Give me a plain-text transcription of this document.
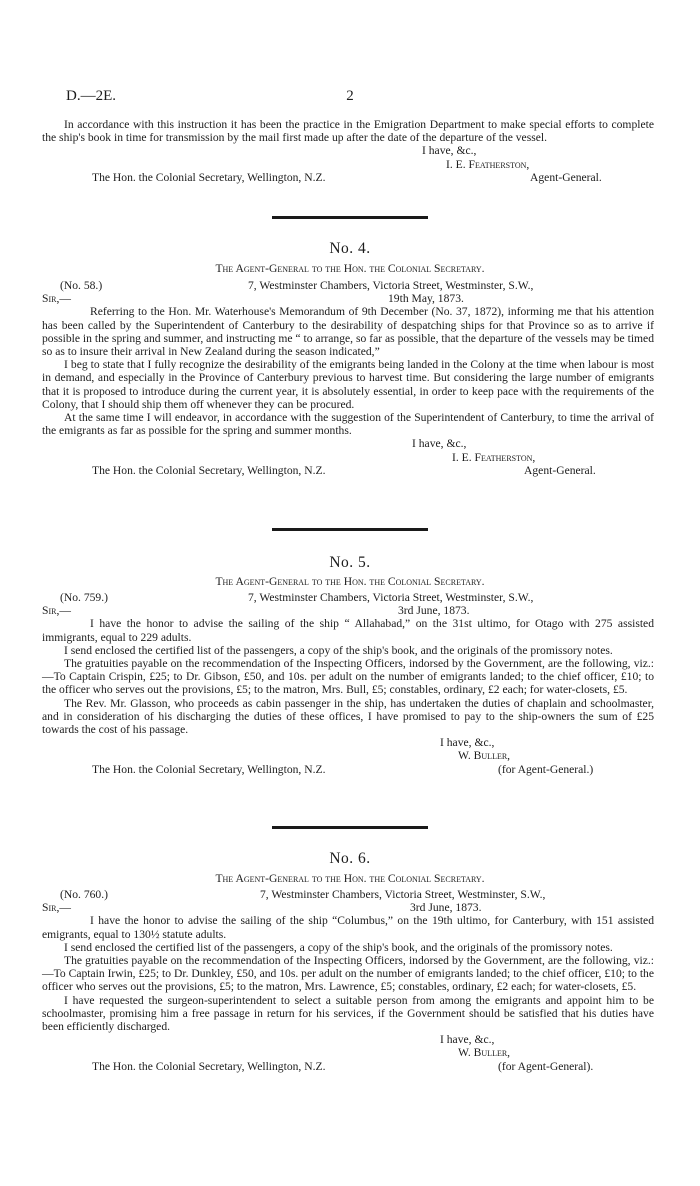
D.—2E.	2

In accordance with this instruction it has been the practice in the Emigration Department to make special efforts to complete the ship's book in time for transmission by the mail first made up after the date of the departure of the vessel.

I have, &c.,
I. E. Featherston,
The Hon. the Colonial Secretary, Wellington, N.Z.	Agent-General.
No. 4.
The Agent-General to the Hon. the Colonial Secretary.
(No. 58.)	7, Westminster Chambers, Victoria Street, Westminster, S.W.,
Sir,—	19th May, 1873.

Referring to the Hon. Mr. Waterhouse's Memorandum of 9th December (No. 37, 1872), informing me that his attention has been called by the Superintendent of Canterbury to the desirability of despatching ships for that Province so as to arrive if possible in the spring and summer, and instructing me “ to arrange, so far as possible, that the departure of the vessels may be timed so as to insure their arrival in New Zealand during the season indicated,”

I beg to state that I fully recognize the desirability of the emigrants being landed in the Colony at the time when labour is most in demand, and especially in the Province of Canterbury previous to harvest time. But considering the large number of emigrants that it is proposed to introduce during the current year, it is absolutely essential, in order to keep pace with the requirements of the Colony, that I should ship them off whenever they can be procured.

At the same time I will endeavor, in accordance with the suggestion of the Superintendent of Canterbury, to time the arrival of the emigrants as far as possible for the spring and summer months.

I have, &c.,
I. E. Featherston,
The Hon. the Colonial Secretary, Wellington, N.Z.	Agent-General.
No. 5.
The Agent-General to the Hon. the Colonial Secretary.
(No. 759.)	7, Westminster Chambers, Victoria Street, Westminster, S.W.,
Sir,—	3rd June, 1873.

I have the honor to advise the sailing of the ship “ Allahabad,” on the 31st ultimo, for Otago with 275 assisted immigrants, equal to 229 adults.

I send enclosed the certified list of the passengers, a copy of the ship's book, and the originals of the promissory notes.

The gratuities payable on the recommendation of the Inspecting Officers, indorsed by the Government, are the following, viz.:—To Captain Crispin, £25; to Dr. Gibson, £50, and 10s. per adult on the number of emigrants landed; to the chief officer, £10; to the officer who serves out the provisions, £5; to the matron, Mrs. Bull, £5; constables, ordinary, £2 each; for water-closets, £5.

The Rev. Mr. Glasson, who proceeds as cabin passenger in the ship, has undertaken the duties of chaplain and schoolmaster, and in consideration of his discharging the duties of these offices, I have promised to pay to the ship-owners the sum of £25 towards the cost of his passage.

I have, &c.,
W. Buller,
The Hon. the Colonial Secretary, Wellington, N.Z.	(for Agent-General.)
No. 6.
The Agent-General to the Hon. the Colonial Secretary.
(No. 760.)	7, Westminster Chambers, Victoria Street, Westminster, S.W.,
Sir,—	3rd June, 1873.

I have the honor to advise the sailing of the ship “Columbus,” on the 19th ultimo, for Canterbury, with 151 assisted emigrants, equal to 130½ statute adults.

I send enclosed the certified list of the passengers, a copy of the ship's book, and the originals of the promissory notes.

The gratuities payable on the recommendation of the Inspecting Officers, indorsed by the Government, are the following, viz.:—To Captain Irwin, £25; to Dr. Dunkley, £50, and 10s. per adult on the number of emigrants landed; to the chief officer, £10; to the officer who serves out the provisions, £5; to the matron, Mrs. Lawrence, £5; constables, ordinary, £2 each; for water-closets, £5.

I have requested the surgeon-superintendent to select a suitable person from among the emigrants and appoint him to be schoolmaster, promising him a free passage in return for his services, if the Government should be satisfied that his duties have been efficiently discharged.

I have, &c.,
W. Buller,
The Hon. the Colonial Secretary, Wellington, N.Z.	(for Agent-General).
